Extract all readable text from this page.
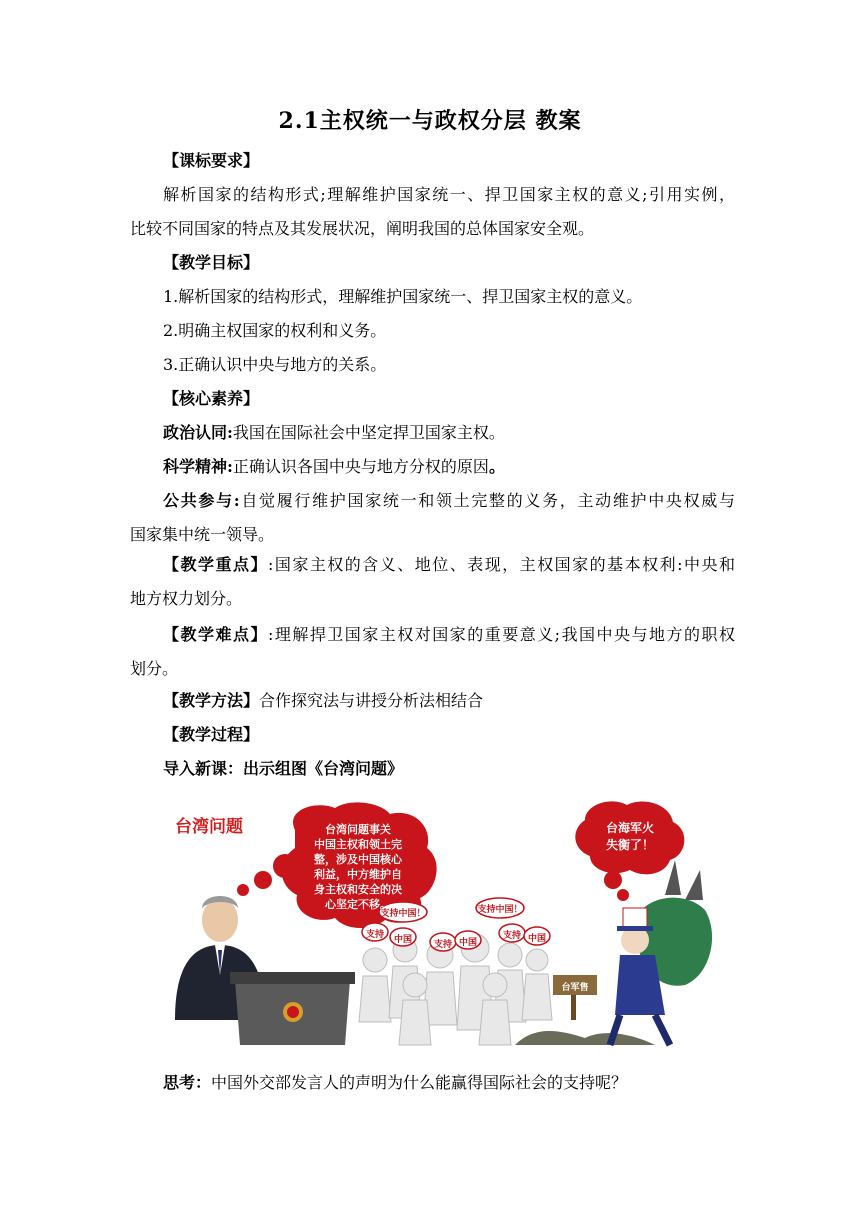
2.1主权统一与政权分层 教案
【课标要求】
解析国家的结构形式;理解维护国家统一、捍卫国家主权的意义;引用实例，
比较不同国家的特点及其发展状况，阐明我国的总体国家安全观。
【教学目标】
1.解析国家的结构形式，理解维护国家统一、捍卫国家主权的意义。
2.明确主权国家的权利和义务。
3.正确认识中央与地方的关系。
【核心素养】
政治认同:我国在国际社会中坚定捍卫国家主权。
科学精神:正确认识各国中央与地方分权的原因。
公共参与:自觉履行维护国家统一和领土完整的义务，主动维护中央权威与
国家集中统一领导。
【教学重点】:国家主权的含义、地位、表现，主权国家的基本权利:中央和
地方权力划分。
【教学难点】:理解捍卫国家主权对国家的重要意义;我国中央与地方的职权
划分。
【教学方法】合作探究法与讲授分析法相结合
【教学过程】
导入新课：出示组图《台湾问题》
台湾问题	台湾问题事关
中国主权和领土完
整，涉及中国核心
利益，中方维护自
身主权和安全的决
心坚定不移。
台海军火
失衡了！
支持中国！
支持	中国	支持 中国
支持中国！
支持 中国
台军售
思考：中国外交部发言人的声明为什么能赢得国际社会的支持呢？
